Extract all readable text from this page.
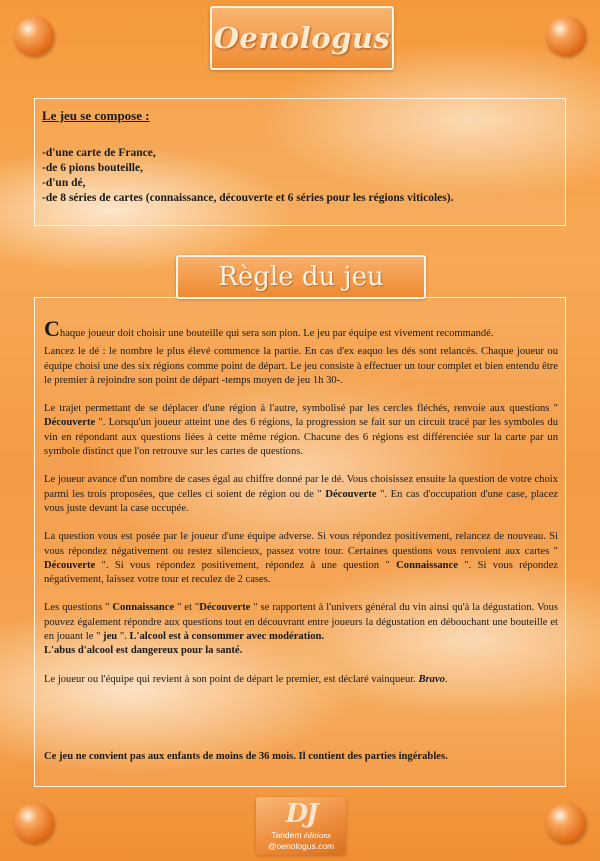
Oenologus
Le jeu se compose :
-d'une carte de France,
-de 6 pions bouteille,
-d'un dé,
-de 8 séries de cartes (connaissance, découverte et 6 séries pour les régions viticoles).
Règle du jeu

Chaque joueur doit choisir une bouteille qui sera son pion. Le jeu par équipe est vivement recommandé.

Lancez le dé : le nombre le plus élevé commence la partie. En cas d'ex eaquo les dés sont relancés. Chaque joueur ou équipe choisi une des six régions comme point de départ. Le jeu consiste à effectuer un tour complet et bien entendu être le premier à rejoindre son point de départ -temps moyen de jeu 1h 30-.

Le trajet permettant de se déplacer d'une région à l'autre, symbolisé par les cercles fléchés, renvoie aux questions " Découverte ". Lorsqu'un joueur atteint une des 6 régions, la progression se fait sur un circuit tracé par les symboles du vin en répondant aux questions liées à cette même région. Chacune des 6 régions est différenciée sur la carte par un symbole distinct que l'on retrouve sur les cartes de questions.

Le joueur avance d'un nombre de cases égal au chiffre donné par le dé. Vous choisissez ensuite la question de votre choix parmi les trois proposées, que celles ci soient de région ou de " Découverte ". En cas d'occupation d'une case, placez vous juste devant la case occupée.

La question vous est posée par le joueur d'une équipe adverse. Si vous répondez positivement, relancez de nouveau. Si vous répondez négativement ou restez silencieux, passez votre tour. Certaines questions vous renvoient aux cartes " Découverte ". Si vous répondez positivement, répondez à une question " Connaissance ". Si vous répondez négativement, laissez votre tour et reculez de 2 cases.

Les questions " Connaissance " et "Découverte " se rapportent à l'univers général du vin ainsi qu'à la dégustation. Vous pouvez également répondre aux questions tout en découvrant entre joueurs la dégustation en débouchant une bouteille et en jouant le " jeu ". L'alcool est à consommer avec modération.
L'abus d'alcool est dangereux pour la santé.

Le joueur ou l'équipe qui revient à son point de départ le premier, est déclaré vainqueur. Bravo.

Ce jeu ne convient pas aux enfants de moins de 36 mois. Il contient des parties ingérables.
DJ
Tandem éditions
@oenologus.com
